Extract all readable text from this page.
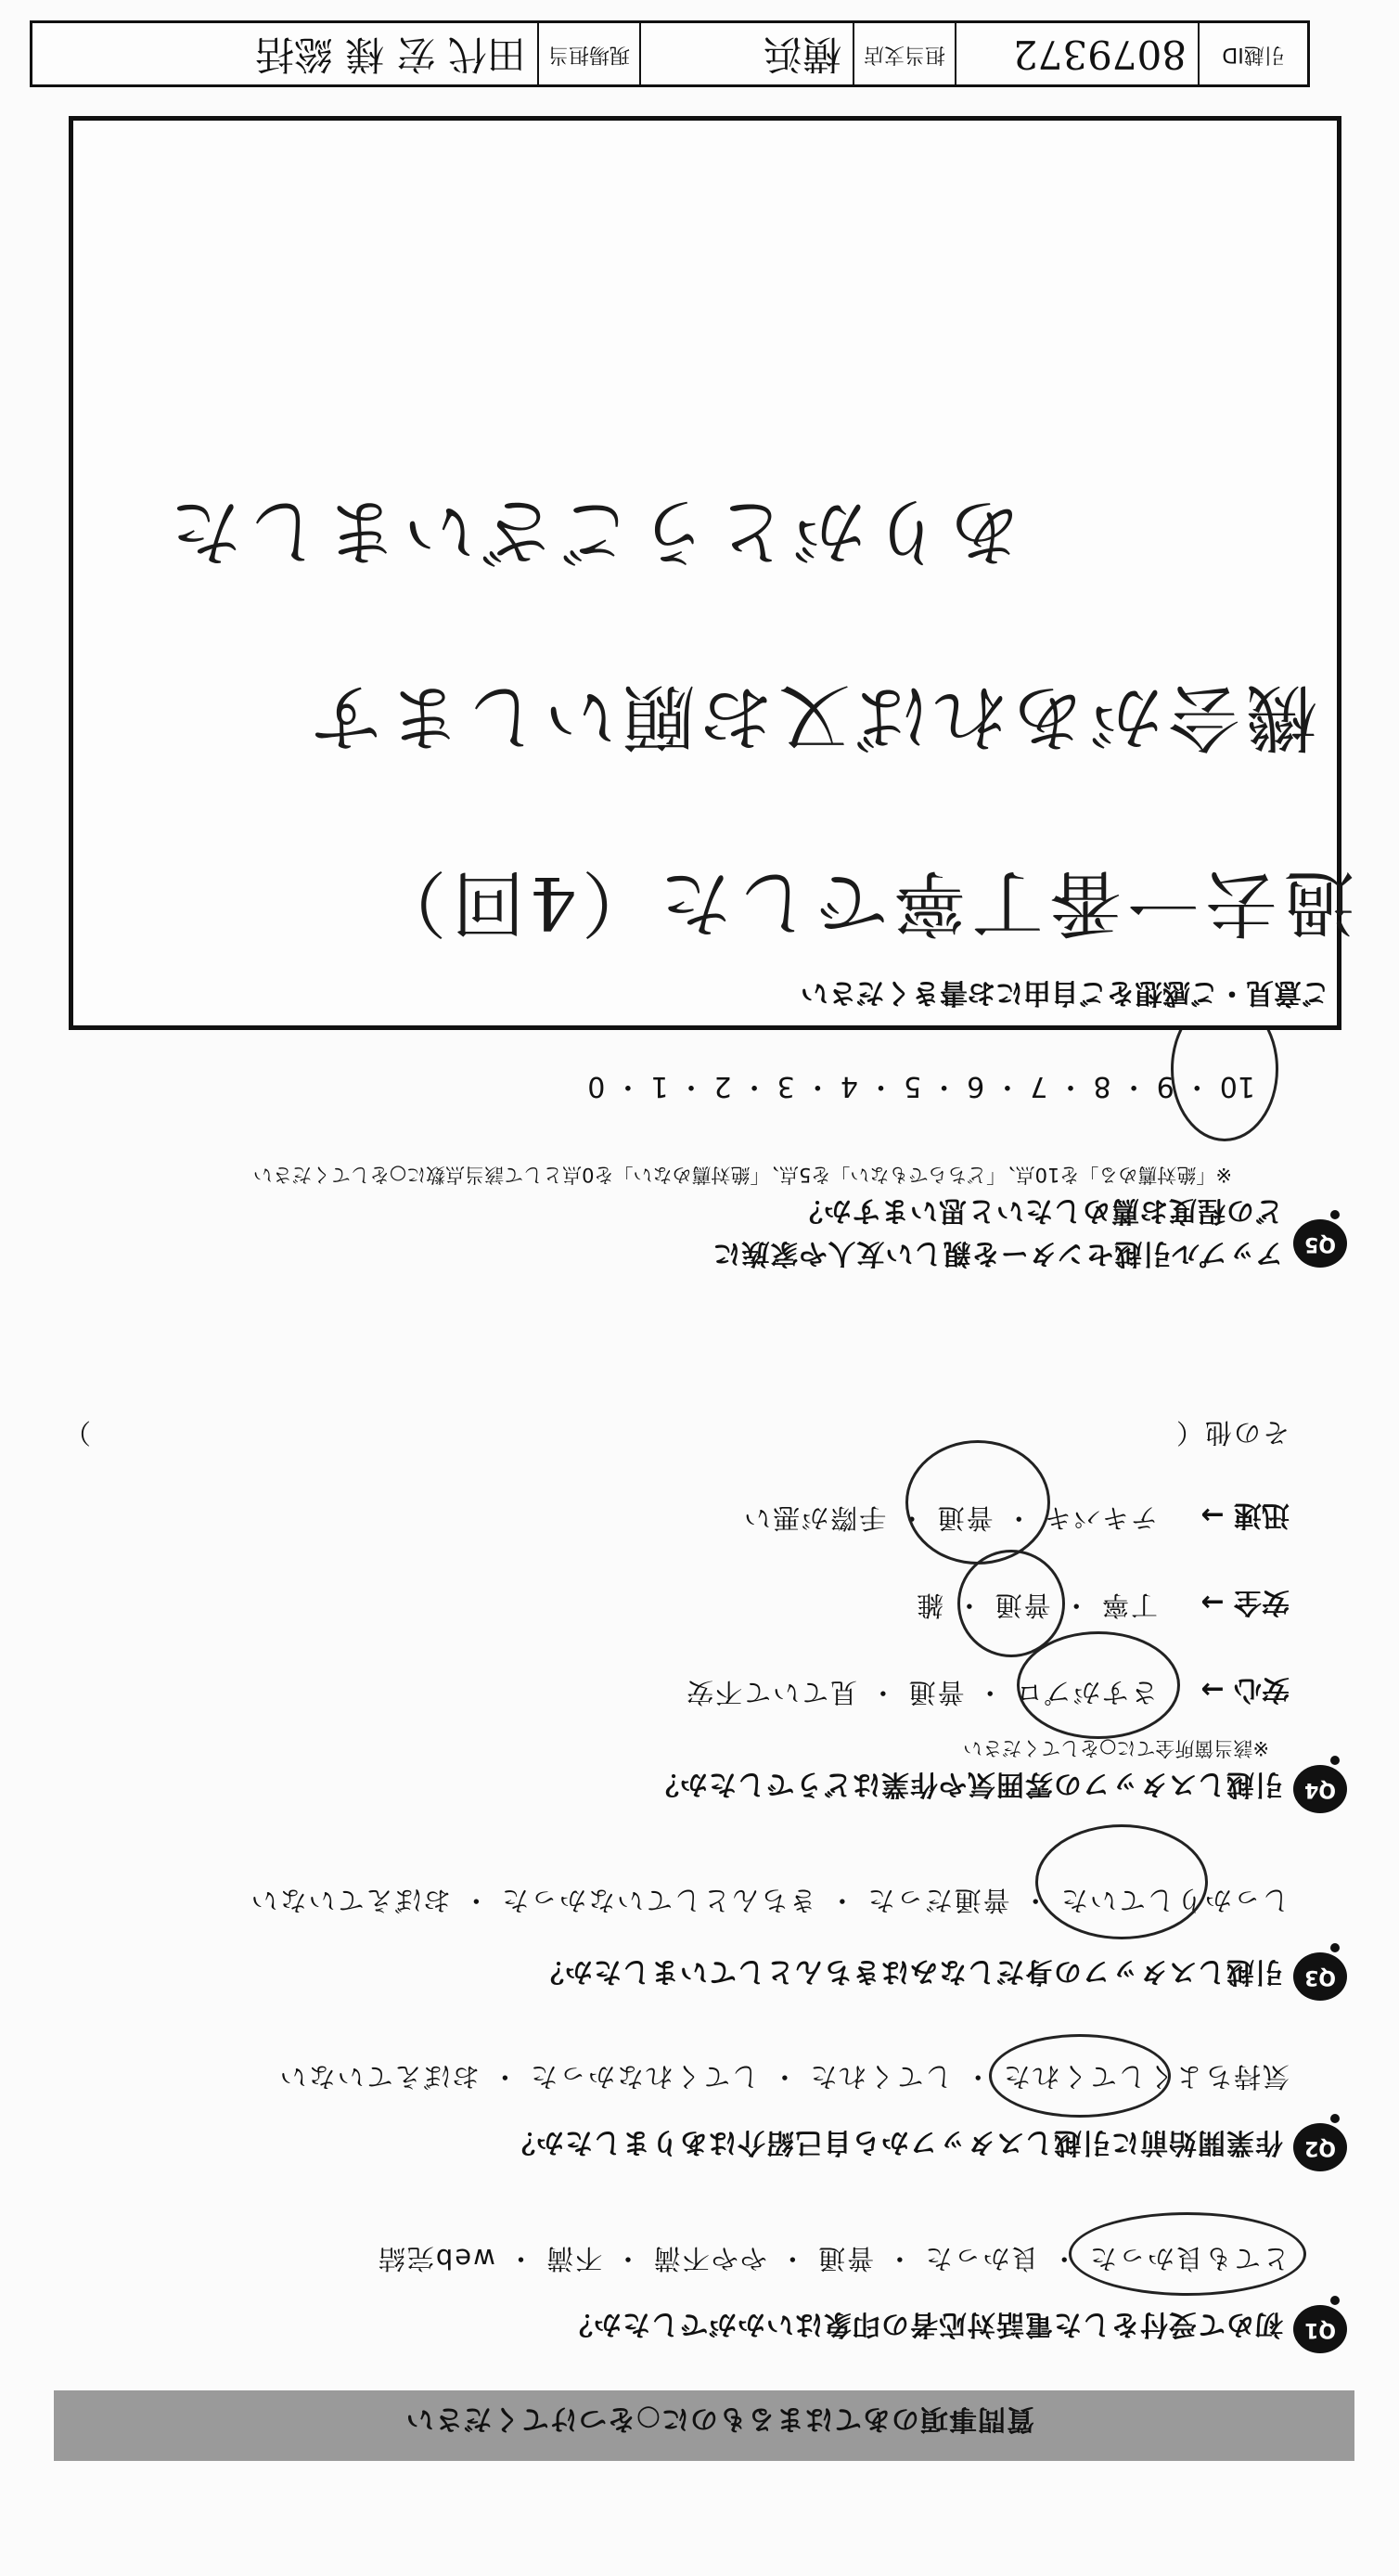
質問事項のあてはまるものに○をつけてください
Q1
初めて受付をした電話対応者の印象はいかがでしたか？
とても良かった ・ 良かった ・ 普通 ・ やや不満 ・ 不満 ・ web完結
Q2
作業開始前に引越しスタッフから自己紹介はありましたか？
気持ちよくしてくれた ・ してくれた ・ してくれなかった ・ おぼえていない
Q3
引越しスタッフの身だしなみはきちんとしていましたか？
しっかりしていた ・ 普通だった ・ きちんとしていなかった ・ おぼえていない
Q4
引越しスタッフの雰囲気や作業はどうでしたか？
※該当箇所全てに○をしてください
安心 →
さすがプロ ・ 普通 ・ 見ていて不安
安全 →
丁寧 ・ 普通 ・ 雑
迅速 →
テキパキ ・ 普通 ・ 手際が悪い
その他（
）
Q5
アップル引越センターを親しい友人や家族に
どの程度お薦めしたいと思いますか？
※「絶対薦める」を10点、「どちらでもない」を5点、「絶対薦めない」を0点として該当点数に○をしてください
10 ・ 9 ・ 8 ・ 7 ・ 6 ・ 5 ・ 4 ・ 3 ・ 2 ・ 1 ・ 0
ご意見・ご感想をご自由にお書きください
過去一番丁寧でした（4回）
機会があれば又お願いします
ありがとうございました
引越ID
8079372
担当支店
横浜
現場担当
田代 宏 様 総括
